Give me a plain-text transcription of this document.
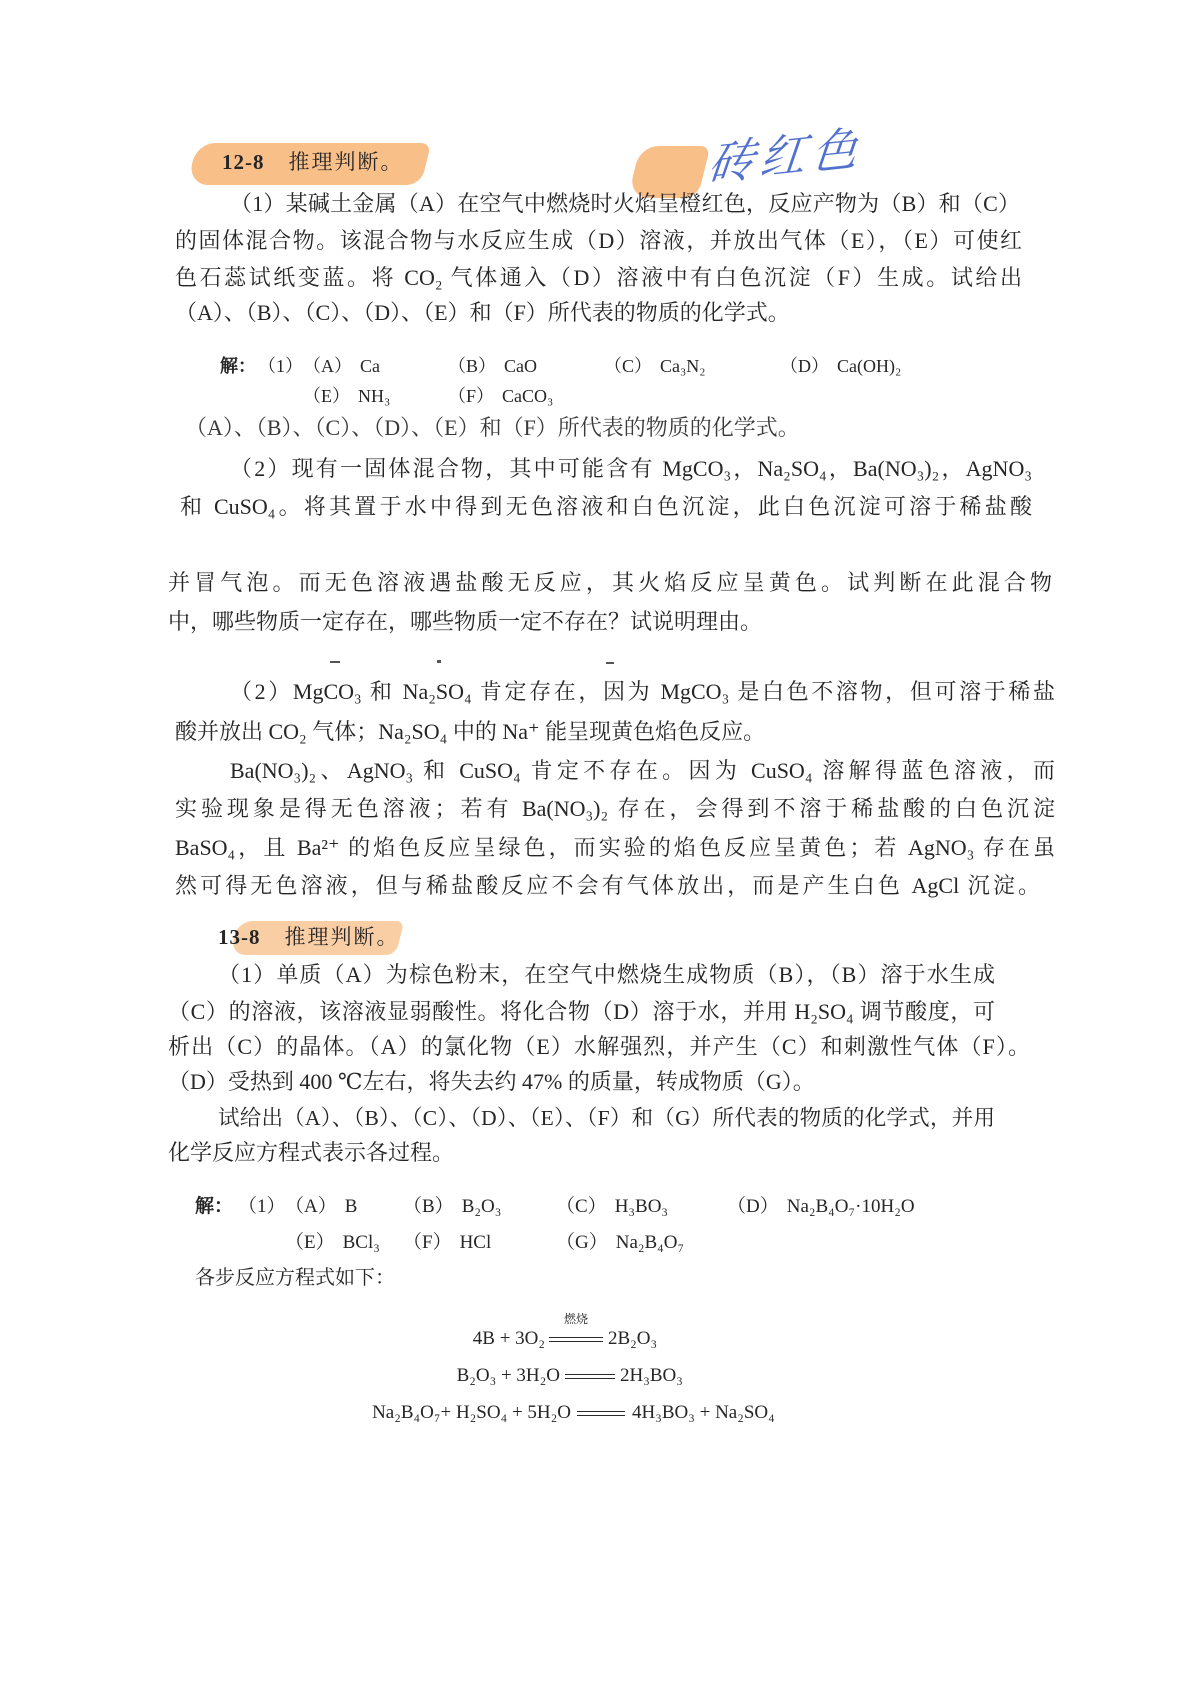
砖红色
12-8 推理判断。
（1）某碱土金属（A）在空气中燃烧时火焰呈橙红色，反应产物为（B）和（C）
的固体混合物。该混合物与水反应生成（D）溶液，并放出气体（E），（E）可使红
色石蕊试纸变蓝。将 CO₂ 气体通入（D）溶液中有白色沉淀（F）生成。试给出
（A）、（B）、（C）、（D）、（E）和（F）所代表的物质的化学式。
解： （1） （A） Ca	（B） CaO	（C） Ca₃N₂	（D） Ca(OH)₂
（E） NH₃	（F） CaCO₃
（A）、（B）、（C）、（D）、（E）和（F）所代表的物质的化学式。
（2）现有一固体混合物，其中可能含有 MgCO₃，Na₂SO₄，Ba(NO₃)₂，AgNO₃
和 CuSO₄。将其置于水中得到无色溶液和白色沉淀，此白色沉淀可溶于稀盐酸
并冒气泡。而无色溶液遇盐酸无反应，其火焰反应呈黄色。试判断在此混合物
中，哪些物质一定存在，哪些物质一定不存在？试说明理由。
（2）MgCO₃ 和 Na₂SO₄ 肯定存在，因为 MgCO₃ 是白色不溶物，但可溶于稀盐
酸并放出 CO₂ 气体；Na₂SO₄ 中的 Na⁺ 能呈现黄色焰色反应。
Ba(NO₃)₂、AgNO₃ 和 CuSO₄ 肯定不存在。因为 CuSO₄ 溶解得蓝色溶液，而
实验现象是得无色溶液；若有 Ba(NO₃)₂ 存在，会得到不溶于稀盐酸的白色沉淀
BaSO₄，且 Ba²⁺ 的焰色反应呈绿色，而实验的焰色反应呈黄色；若 AgNO₃ 存在虽
然可得无色溶液，但与稀盐酸反应不会有气体放出，而是产生白色 AgCl 沉淀。
13-8 推理判断。
（1）单质（A）为棕色粉末，在空气中燃烧生成物质（B），（B）溶于水生成
（C）的溶液，该溶液显弱酸性。将化合物（D）溶于水，并用 H₂SO₄ 调节酸度，可
析出（C）的晶体。（A）的氯化物（E）水解强烈，并产生（C）和刺激性气体（F）。
（D）受热到 400 ℃左右，将失去约 47% 的质量，转成物质（G）。
试给出（A）、（B）、（C）、（D）、（E）、（F）和（G）所代表的物质的化学式，并用
化学反应方程式表示各过程。
解： （1） （A） B （B） B₂O₃	（C） H₃BO₃	（D） Na₂B₄O₇·10H₂O
（E） BCl₃ （F） HCl	（G） Na₂B₄O₇
各步反应方程式如下：
4B + 3O₂
燃烧
2B₂O₃
B₂O₃ + 3H₂O	2H₃BO₃
Na₂B₄O₇+ H₂SO₄ + 5H₂O	4H₃BO₃ + Na₂SO₄
